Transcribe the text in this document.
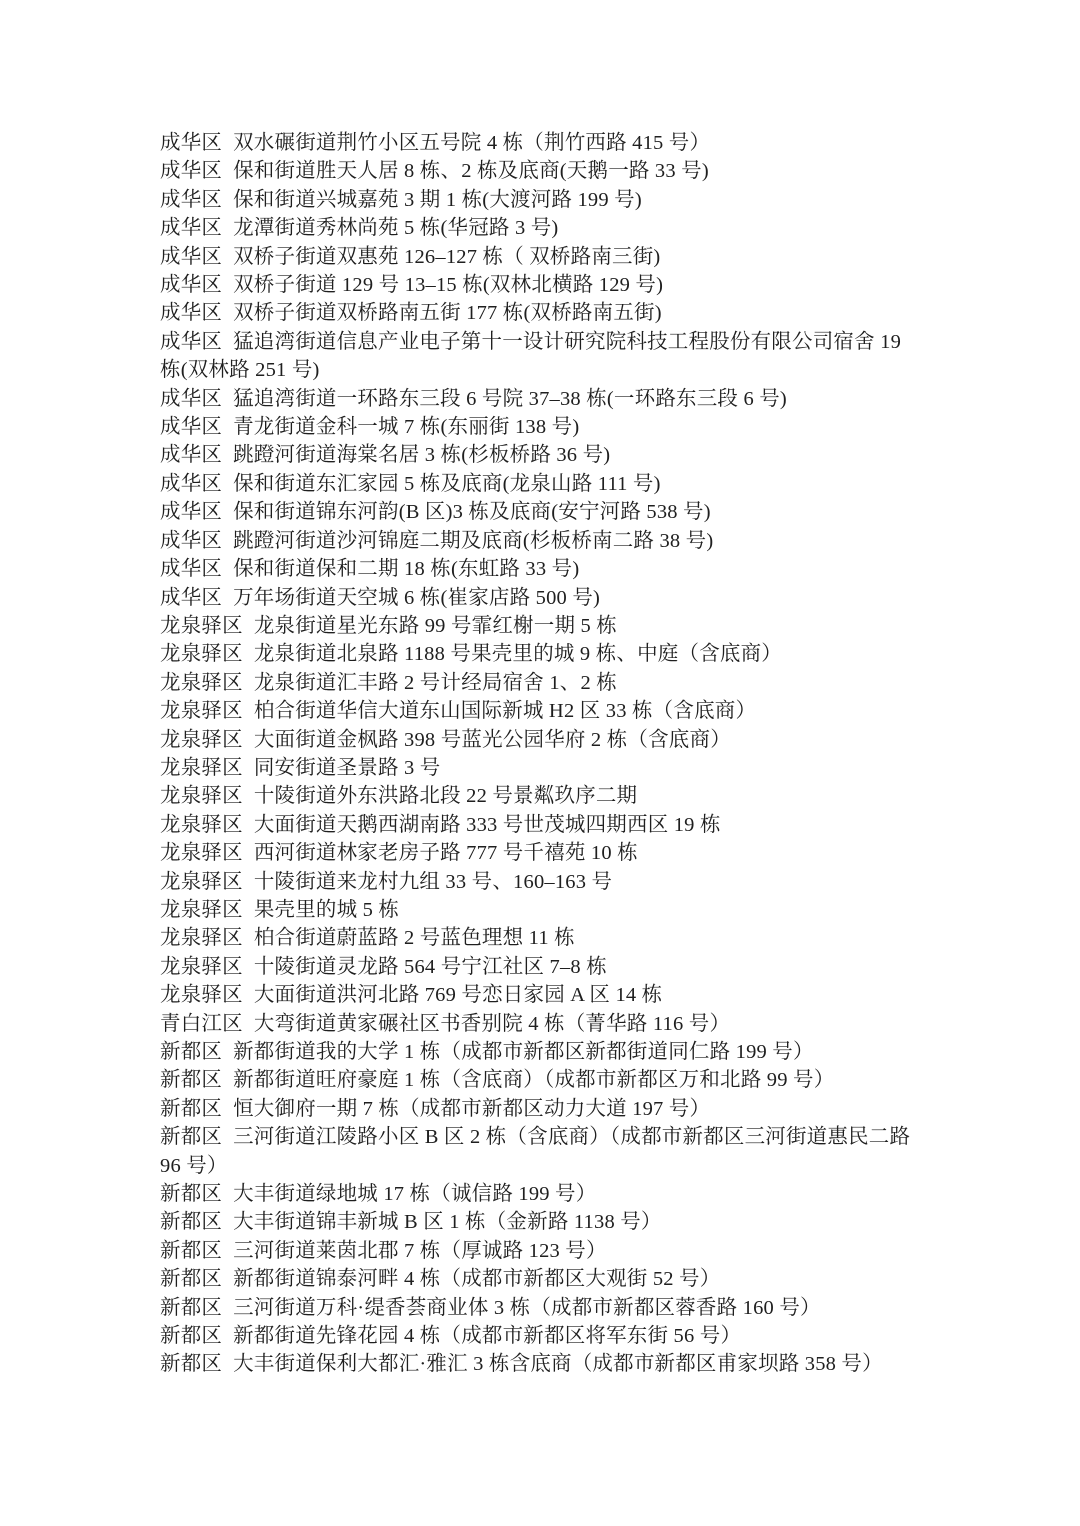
成华区 双水碾街道荆竹小区五号院 4 栋（荆竹西路 415 号）

成华区 保和街道胜天人居 8 栋、2 栋及底商(天鹅一路 33 号)

成华区 保和街道兴城嘉苑 3 期 1 栋(大渡河路 199 号)

成华区 龙潭街道秀林尚苑 5 栋(华冠路 3 号)

成华区 双桥子街道双惠苑 126–127 栋（ 双桥路南三街)

成华区 双桥子街道 129 号 13–15 栋(双林北横路 129 号)

成华区 双桥子街道双桥路南五街 177 栋(双桥路南五街)

成华区 猛追湾街道信息产业电子第十一设计研究院科技工程股份有限公司宿舍 19 栋(双林路 251 号)

成华区 猛追湾街道一环路东三段 6 号院 37–38 栋(一环路东三段 6 号)

成华区 青龙街道金科一城 7 栋(东丽街 138 号)

成华区 跳蹬河街道海棠名居 3 栋(杉板桥路 36 号)

成华区 保和街道东汇家园 5 栋及底商(龙泉山路 111 号)

成华区 保和街道锦东河韵(B 区)3 栋及底商(安宁河路 538 号)

成华区 跳蹬河街道沙河锦庭二期及底商(杉板桥南二路 38 号)

成华区 保和街道保和二期 18 栋(东虹路 33 号)

成华区 万年场街道天空城 6 栋(崔家店路 500 号)

龙泉驿区 龙泉街道星光东路 99 号霏红榭一期 5 栋

龙泉驿区 龙泉街道北泉路 1188 号果壳里的城 9 栋、中庭（含底商）

龙泉驿区 龙泉街道汇丰路 2 号计经局宿舍 1、2 栋

龙泉驿区 柏合街道华信大道东山国际新城 H2 区 33 栋（含底商）

龙泉驿区 大面街道金枫路 398 号蓝光公园华府 2 栋（含底商）

龙泉驿区 同安街道圣景路 3 号

龙泉驿区 十陵街道外东洪路北段 22 号景粼玖序二期

龙泉驿区 大面街道天鹅西湖南路 333 号世茂城四期西区 19 栋

龙泉驿区 西河街道林家老房子路 777 号千禧苑 10 栋

龙泉驿区 十陵街道来龙村九组 33 号、160–163 号

龙泉驿区 果壳里的城 5 栋

龙泉驿区 柏合街道蔚蓝路 2 号蓝色理想 11 栋

龙泉驿区 十陵街道灵龙路 564 号宁江社区 7–8 栋

龙泉驿区 大面街道洪河北路 769 号恋日家园 A 区 14 栋

青白江区 大弯街道黄家碾社区书香别院 4 栋（菁华路 116 号）

新都区 新都街道我的大学 1 栋（成都市新都区新都街道同仁路 199 号）

新都区 新都街道旺府豪庭 1 栋（含底商）（成都市新都区万和北路 99 号）

新都区 恒大御府一期 7 栋（成都市新都区动力大道 197 号）

新都区 三河街道江陵路小区 B 区 2 栋（含底商）（成都市新都区三河街道惠民二路 96 号）

新都区 大丰街道绿地城 17 栋（诚信路 199 号）

新都区 大丰街道锦丰新城 B 区 1 栋（金新路 1138 号）

新都区 三河街道莱茵北郡 7 栋（厚诚路 123 号）

新都区 新都街道锦泰河畔 4 栋（成都市新都区大观街 52 号）

新都区 三河街道万科·缇香荟商业体 3 栋（成都市新都区蓉香路 160 号）

新都区 新都街道先锋花园 4 栋（成都市新都区将军东街 56 号）

新都区 大丰街道保利大都汇·雅汇 3 栋含底商（成都市新都区甫家坝路 358 号）
